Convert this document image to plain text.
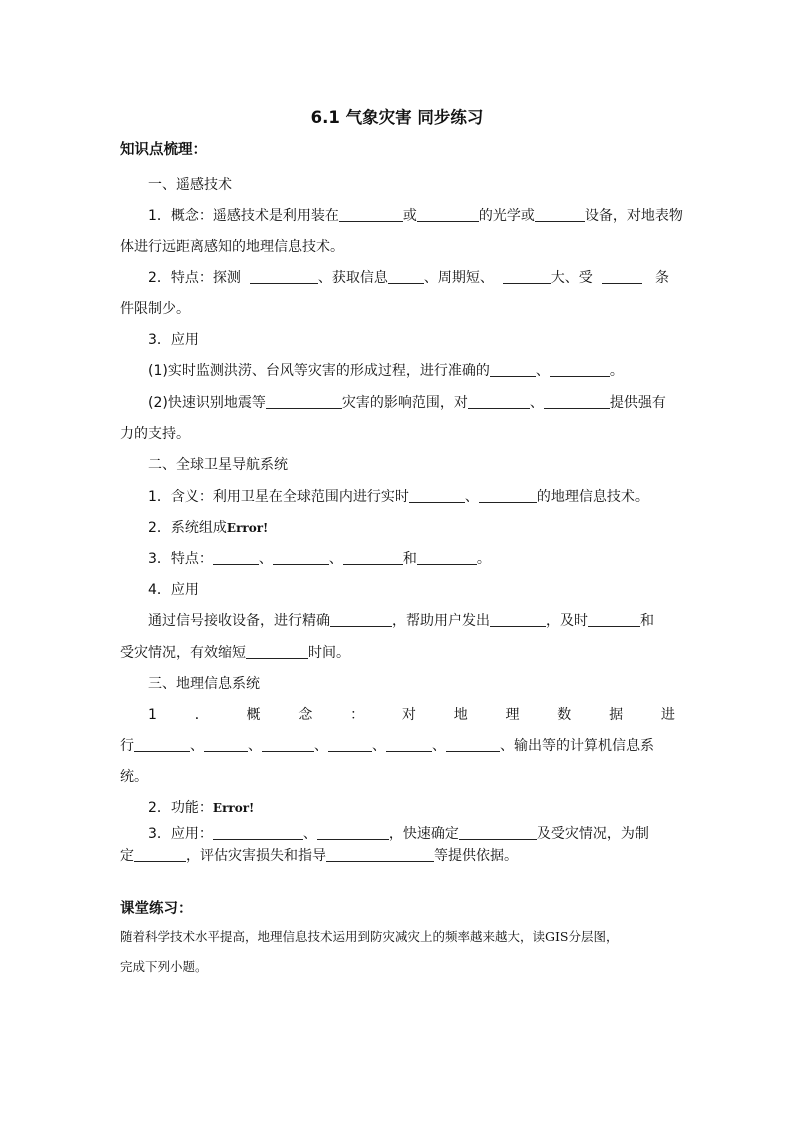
6.1 气象灾害 同步练习
知识点梳理：
一、遥感技术
1．概念：遥感技术是利用装在	或	的光学或	设备，对地表物
体进行远距离感知的地理信息技术。
2．特点：探测	、获取信息	、周期短、	大、受	条
件限制少。
3．应用
(1)实时监测洪涝、台风等灾害的形成过程，进行准确的	、	。
(2)快速识别地震等	灾害的影响范围，对	、	提供强有
力的支持。
二、全球卫星导航系统
1．含义：利用卫星在全球范围内进行实时	、	的地理信息技术。
2．系统组成Error!
3．特点：	、	、	和	。
4．应用
通过信号接收设备，进行精确	，帮助用户发出	，及时	和
受灾情况，有效缩短	时间。
三、地理信息系统
1	．	概	念	：	对	地	理	数	据	进
行	、	、	、	、	、	、输出等的计算机信息系
统。
2．功能：Error!
3．应用：	、	，快速确定	及受灾情况，为制
定	，评估灾害损失和指导	等提供依据。
课堂练习：
随着科学技术水平提高，地理信息技术运用到防灾减灾上的频率越来越大，读GIS分层图，
完成下列小题。
